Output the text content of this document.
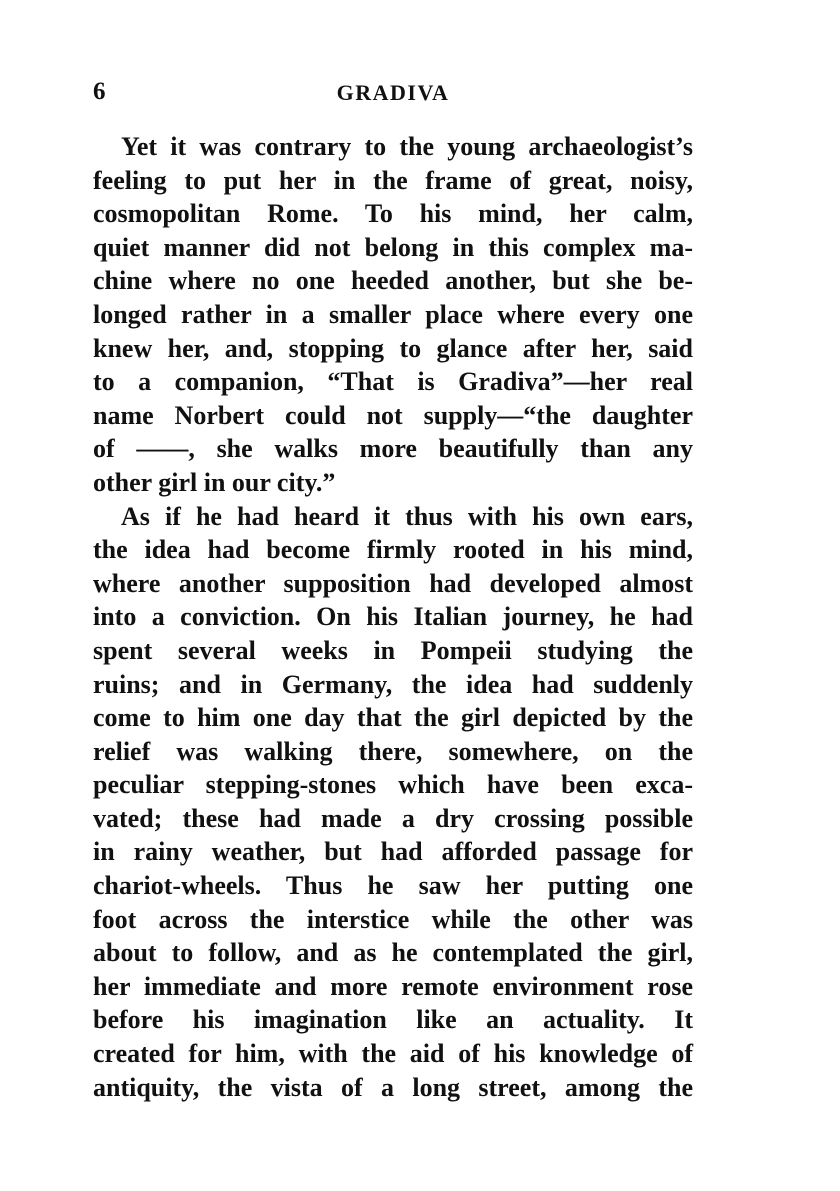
6	GRADIVA
Yet it was contrary to the young archaeologist’s
feeling to put her in the frame of great, noisy,
cosmopolitan Rome. To his mind, her calm,
quiet manner did not belong in this complex ma-
chine where no one heeded another, but she be-
longed rather in a smaller place where every one
knew her, and, stopping to glance after her, said
to a companion, “That is Gradiva”—her real
name Norbert could not supply—“the daughter
of ——, she walks more beautifully than any
other girl in our city.”
As if he had heard it thus with his own ears,
the idea had become firmly rooted in his mind,
where another supposition had developed almost
into a conviction. On his Italian journey, he had
spent several weeks in Pompeii studying the
ruins; and in Germany, the idea had suddenly
come to him one day that the girl depicted by the
relief was walking there, somewhere, on the
peculiar stepping-stones which have been exca-
vated; these had made a dry crossing possible
in rainy weather, but had afforded passage for
chariot-wheels. Thus he saw her putting one
foot across the interstice while the other was
about to follow, and as he contemplated the girl,
her immediate and more remote environment rose
before his imagination like an actuality. It
created for him, with the aid of his knowledge of
antiquity, the vista of a long street, among the
